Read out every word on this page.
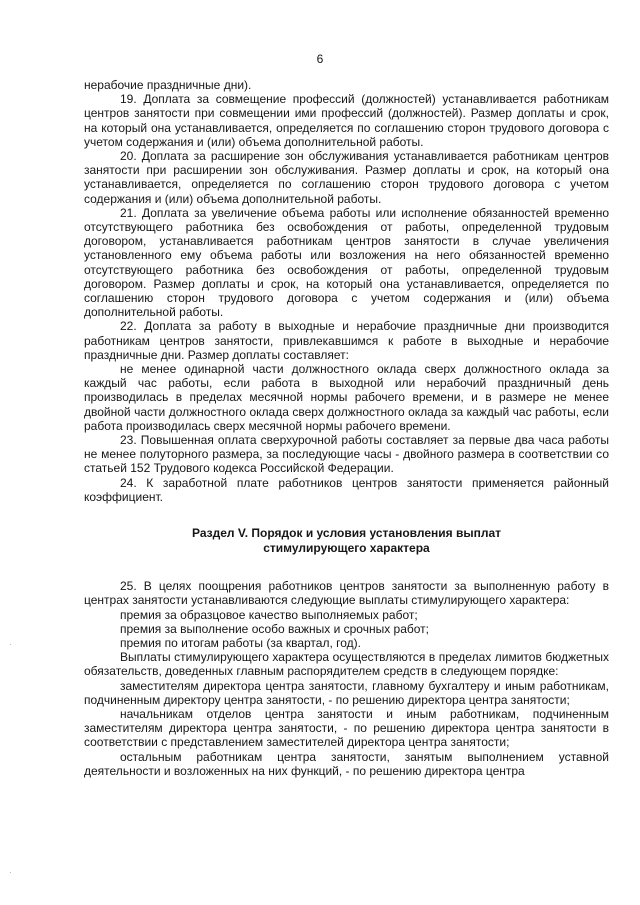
6

нерабочие праздничные дни).

19. Доплата за совмещение профессий (должностей) устанавливается работникам центров занятости при совмещении ими профессий (должностей). Размер доплаты и срок, на который она устанавливается, определяется по соглашению сторон трудового договора с учетом содержания и (или) объема дополнительной работы.

20. Доплата за расширение зон обслуживания устанавливается работникам центров занятости при расширении зон обслуживания. Размер доплаты и срок, на который она устанавливается, определяется по соглашению сторон трудового договора с учетом содержания и (или) объема дополнительной работы.

21. Доплата за увеличение объема работы или исполнение обязанностей временно отсутствующего работника без освобождения от работы, определенной трудовым договором, устанавливается работникам центров занятости в случае увеличения установленного ему объема работы или возложения на него обязанностей временно отсутствующего работника без освобождения от работы, определенной трудовым договором. Размер доплаты и срок, на который она устанавливается, определяется по соглашению сторон трудового договора с учетом содержания и (или) объема дополнительной работы.

22. Доплата за работу в выходные и нерабочие праздничные дни производится работникам центров занятости, привлекавшимся к работе в выходные и нерабочие праздничные дни. Размер доплаты составляет:

не менее одинарной части должностного оклада сверх должностного оклада за каждый час работы, если работа в выходной или нерабочий праздничный день производилась в пределах месячной нормы рабочего времени, и в размере не менее двойной части должностного оклада сверх должностного оклада за каждый час работы, если работа производилась сверх месячной нормы рабочего времени.

23. Повышенная оплата сверхурочной работы составляет за первые два часа работы не менее полуторного размера, за последующие часы - двойного размера в соответствии со статьей 152 Трудового кодекса Российской Федерации.

24. К заработной плате работников центров занятости применяется районный коэффициент.

Раздел V. Порядок и условия установления выплат
стимулирующего характера

25. В целях поощрения работников центров занятости за выполненную работу в центрах занятости устанавливаются следующие выплаты стимулирующего характера:

премия за образцовое качество выполняемых работ;

премия за выполнение особо важных и срочных работ;

премия по итогам работы (за квартал, год).

Выплаты стимулирующего характера осуществляются в пределах лимитов бюджетных обязательств, доведенных главным распорядителем средств в следующем порядке:

заместителям директора центра занятости, главному бухгалтеру и иным работникам, подчиненным директору центра занятости, - по решению директора центра занятости;

начальникам отделов центра занятости и иным работникам, подчиненным заместителям директора центра занятости, - по решению директора центра занятости в соответствии с представлением заместителей директора центра занятости;

остальным работникам центра занятости, занятым выполнением уставной деятельности и возложенных на них функций, - по решению директора центра

·
·
